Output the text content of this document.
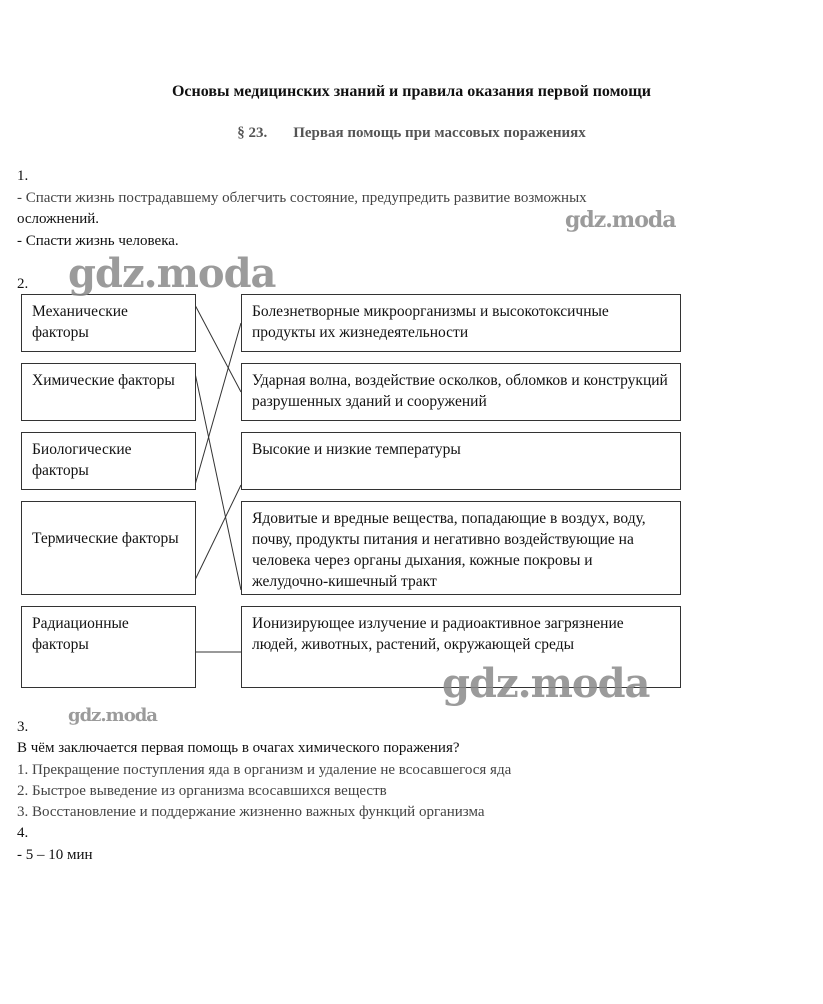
Основы медицинских знаний и правила оказания первой помощи
§ 23. Первая помощь при массовых поражениях
1.
- Спасти жизнь пострадавшему облегчить состояние, предупредить развитие возможных
осложнений.
- Спасти жизнь человека.
2.
Механические факторы
Химические факторы
Биологические факторы
Термические факторы
Радиационные факторы
Болезнетворные микроорганизмы и высокотоксичные продукты их жизнедеятельности
Ударная волна, воздействие осколков, обломков и конструкций разрушенных зданий и сооружений
Высокие и низкие температуры
Ядовитые и вредные вещества, попадающие в воздух, воду, почву, продукты питания и негативно воздействующие на человека через органы дыхания, кожные покровы и желудочно-кишечный тракт
Ионизирующее излучение и радиоактивное загрязнение людей, животных, растений, окружающей среды
3.
В чём заключается первая помощь в очагах химического поражения?
1. Прекращение поступления яда в организм и удаление не всосавшегося яда
2. Быстрое выведение из организма всосавшихся веществ
3. Восстановление и поддержание жизненно важных функций организма
4.
- 5 – 10 мин
gdz.moda
gdz.moda
gdz.moda
gdz.moda
